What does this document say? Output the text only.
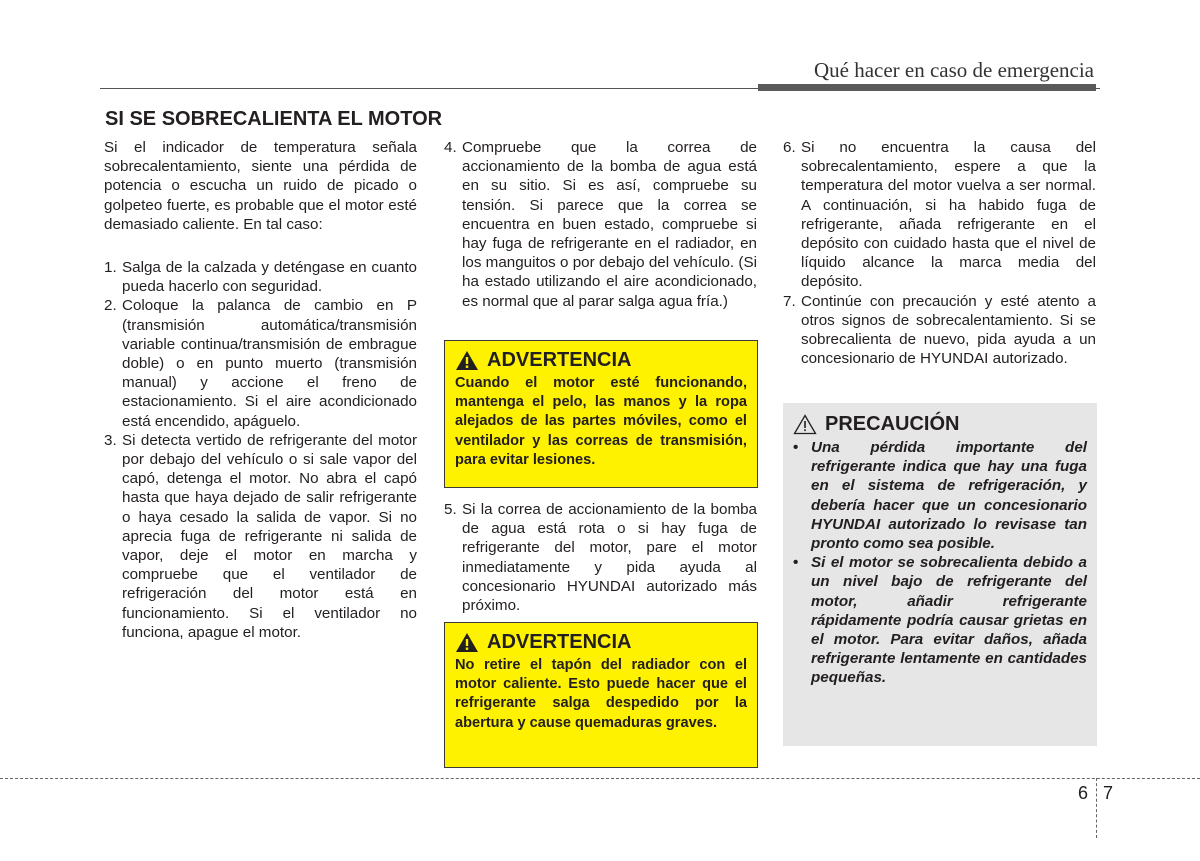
Qué hacer en caso de emergencia
SI SE SOBRECALIENTA EL MOTOR

Si el indicador de temperatura señala sobrecalentamiento, siente una pérdida de potencia o escucha un ruido de picado o golpeteo fuerte, es probable que el motor esté demasiado caliente. En tal caso:

1. Salga de la calzada y deténgase en cuanto pueda hacerlo con seguridad.
2. Coloque la palanca de cambio en P (transmisión automática/transmisión variable continua/transmisión de embrague doble) o en punto muerto (transmisión manual) y accione el freno de estacionamiento. Si el aire acondicionado está encendido, apáguelo.
3. Si detecta vertido de refrigerante del motor por debajo del vehículo o si sale vapor del capó, detenga el motor. No abra el capó hasta que haya dejado de salir refrigerante o haya cesado la salida de vapor. Si no aprecia fuga de refrigerante ni salida de vapor, deje el motor en marcha y compruebe que el ventilador de refrigeración del motor está en funcionamiento. Si el ventilador no funciona, apague el motor.
4. Compruebe que la correa de accionamiento de la bomba de agua está en su sitio. Si es así, compruebe su tensión. Si parece que la correa se encuentra en buen estado, compruebe si hay fuga de refrigerante en el radiador, en los manguitos o por debajo del vehículo. (Si ha estado utilizando el aire acondicionado, es normal que al parar salga agua fría.)
ADVERTENCIA
Cuando el motor esté funcionando, mantenga el pelo, las manos y la ropa alejados de las partes móviles, como el ventilador y las correas de transmisión, para evitar lesiones.
5. Si la correa de accionamiento de la bomba de agua está rota o si hay fuga de refrigerante del motor, pare el motor inmediatamente y pida ayuda al concesionario HYUNDAI autorizado más próximo.
ADVERTENCIA
No retire el tapón del radiador con el motor caliente. Esto puede hacer que el refrigerante salga despedido por la abertura y cause quemaduras graves.
6. Si no encuentra la causa del sobrecalentamiento, espere a que la temperatura del motor vuelva a ser normal. A continuación, si ha habido fuga de refrigerante, añada refrigerante en el depósito con cuidado hasta que el nivel de líquido alcance la marca media del depósito.
7. Continúe con precaución y esté atento a otros signos de sobrecalentamiento. Si se sobrecalienta de nuevo, pida ayuda a un concesionario de HYUNDAI autorizado.
PRECAUCIÓN
• Una pérdida importante del refrigerante indica que hay una fuga en el sistema de refrigeración, y debería hacer que un concesionario HYUNDAI autorizado lo revisase tan pronto como sea posible.
• Si el motor se sobrecalienta debido a un nivel bajo de refrigerante del motor, añadir refrigerante rápidamente podría causar grietas en el motor. Para evitar daños, añada refrigerante lentamente en cantidades pequeñas.
6 7
